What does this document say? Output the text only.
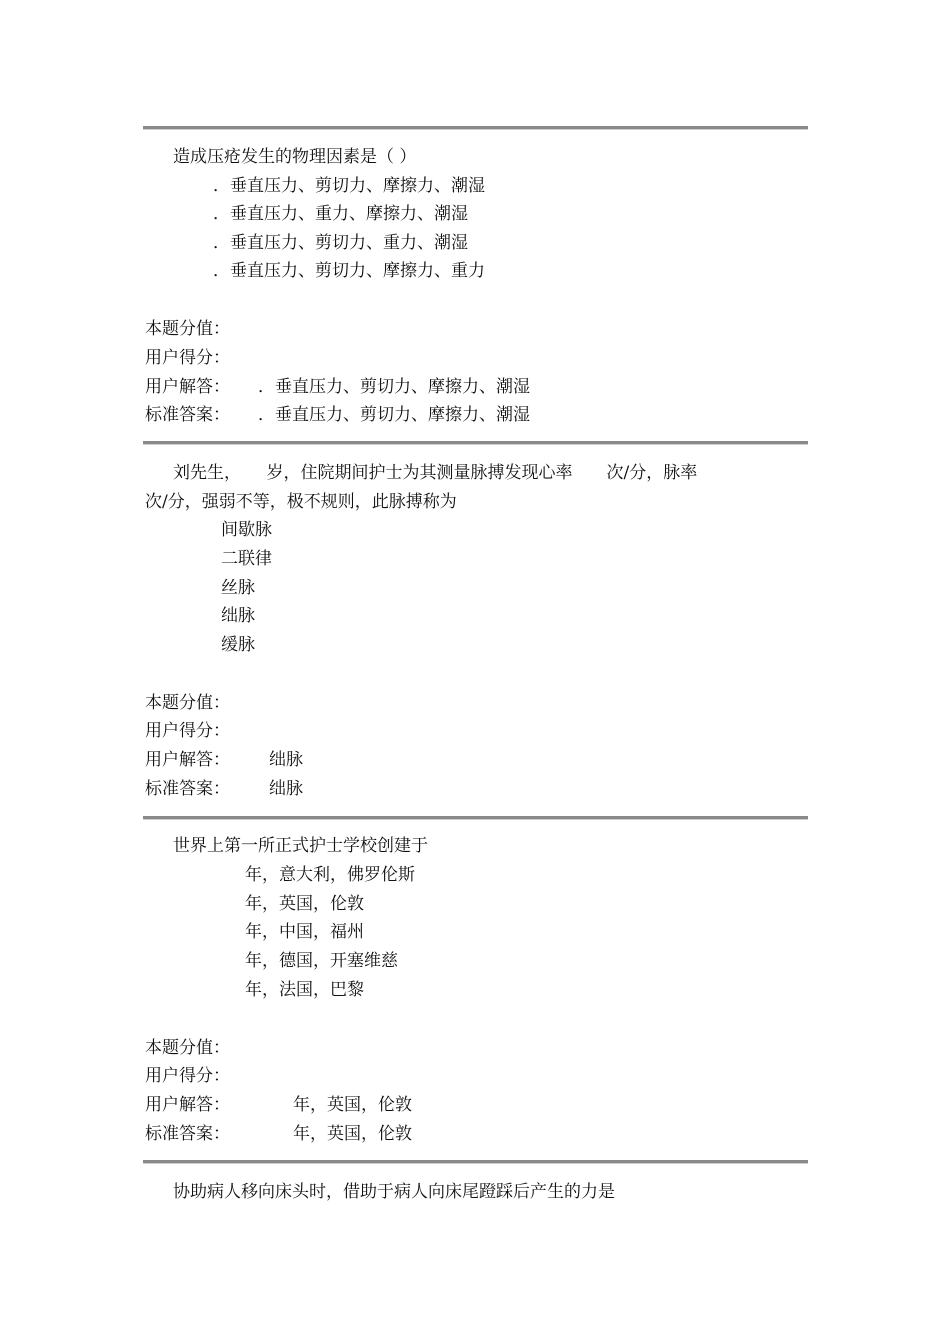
造成压疮发生的物理因素是（ ）
．垂直压力、剪切力、摩擦力、潮湿
．垂直压力、重力、摩擦力、潮湿
．垂直压力、剪切力、重力、潮湿
．垂直压力、剪切力、摩擦力、重力
本题分值：
用户得分：
用户解答： ．垂直压力、剪切力、摩擦力、潮湿
标准答案： ．垂直压力、剪切力、摩擦力、潮湿
刘先生，　　岁，住院期间护士为其测量脉搏发现心率　　次/分，脉率
次/分，强弱不等，极不规则，此脉搏称为
间歇脉
二联律
丝脉
绌脉
缓脉
本题分值：
用户得分：
用户解答： 绌脉
标准答案： 绌脉
世界上第一所正式护士学校创建于
年，意大利，佛罗伦斯
年，英国，伦敦
年，中国，福州
年，德国，开塞维慈
年，法国，巴黎
本题分值：
用户得分：
用户解答：	年，英国，伦敦
标准答案：	年，英国，伦敦
协助病人移向床头时，借助于病人向床尾蹬踩后产生的力是
